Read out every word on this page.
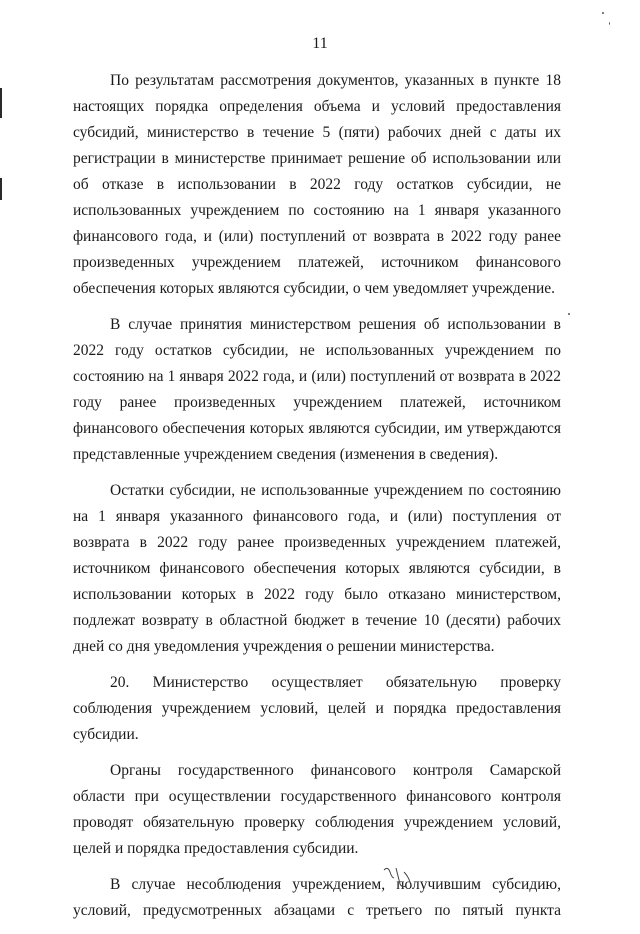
11

По результатам рассмотрения документов, указанных в пункте 18 настоящих порядка определения объема и условий предоставления субсидий, министерство в течение 5 (пяти) рабочих дней с даты их регистрации в министерстве принимает решение об использовании или об отказе в использовании в 2022 году остатков субсидии, не использованных учреждением по состоянию на 1 января указанного финансового года, и (или) поступлений от возврата в 2022 году ранее произведенных учреждением платежей, источником финансового обеспечения которых являются субсидии, о чем уведомляет учреждение.

В случае принятия министерством решения об использовании в 2022 году остатков субсидии, не использованных учреждением по состоянию на 1 января 2022 года, и (или) поступлений от возврата в 2022 году ранее произведенных учреждением платежей, источником финансового обеспечения которых являются субсидии, им утверждаются представленные учреждением сведения (изменения в сведения).

Остатки субсидии, не использованные учреждением по состоянию на 1 января указанного финансового года, и (или) поступления от возврата в 2022 году ранее произведенных учреждением платежей, источником финансового обеспечения которых являются субсидии, в использовании которых в 2022 году было отказано министерством, подлежат возврату в областной бюджет в течение 10 (десяти) рабочих дней со дня уведомления учреждения о решении министерства.

20. Министерство осуществляет обязательную проверку соблюдения учреждением условий, целей и порядка предоставления субсидии.

Органы государственного финансового контроля Самарской области при осуществлении государственного финансового контроля проводят обязательную проверку соблюдения учреждением условий, целей и порядка предоставления субсидии.

В случае несоблюдения учреждением, получившим субсидию, условий, предусмотренных абзацами с третьего по пятый пункта
